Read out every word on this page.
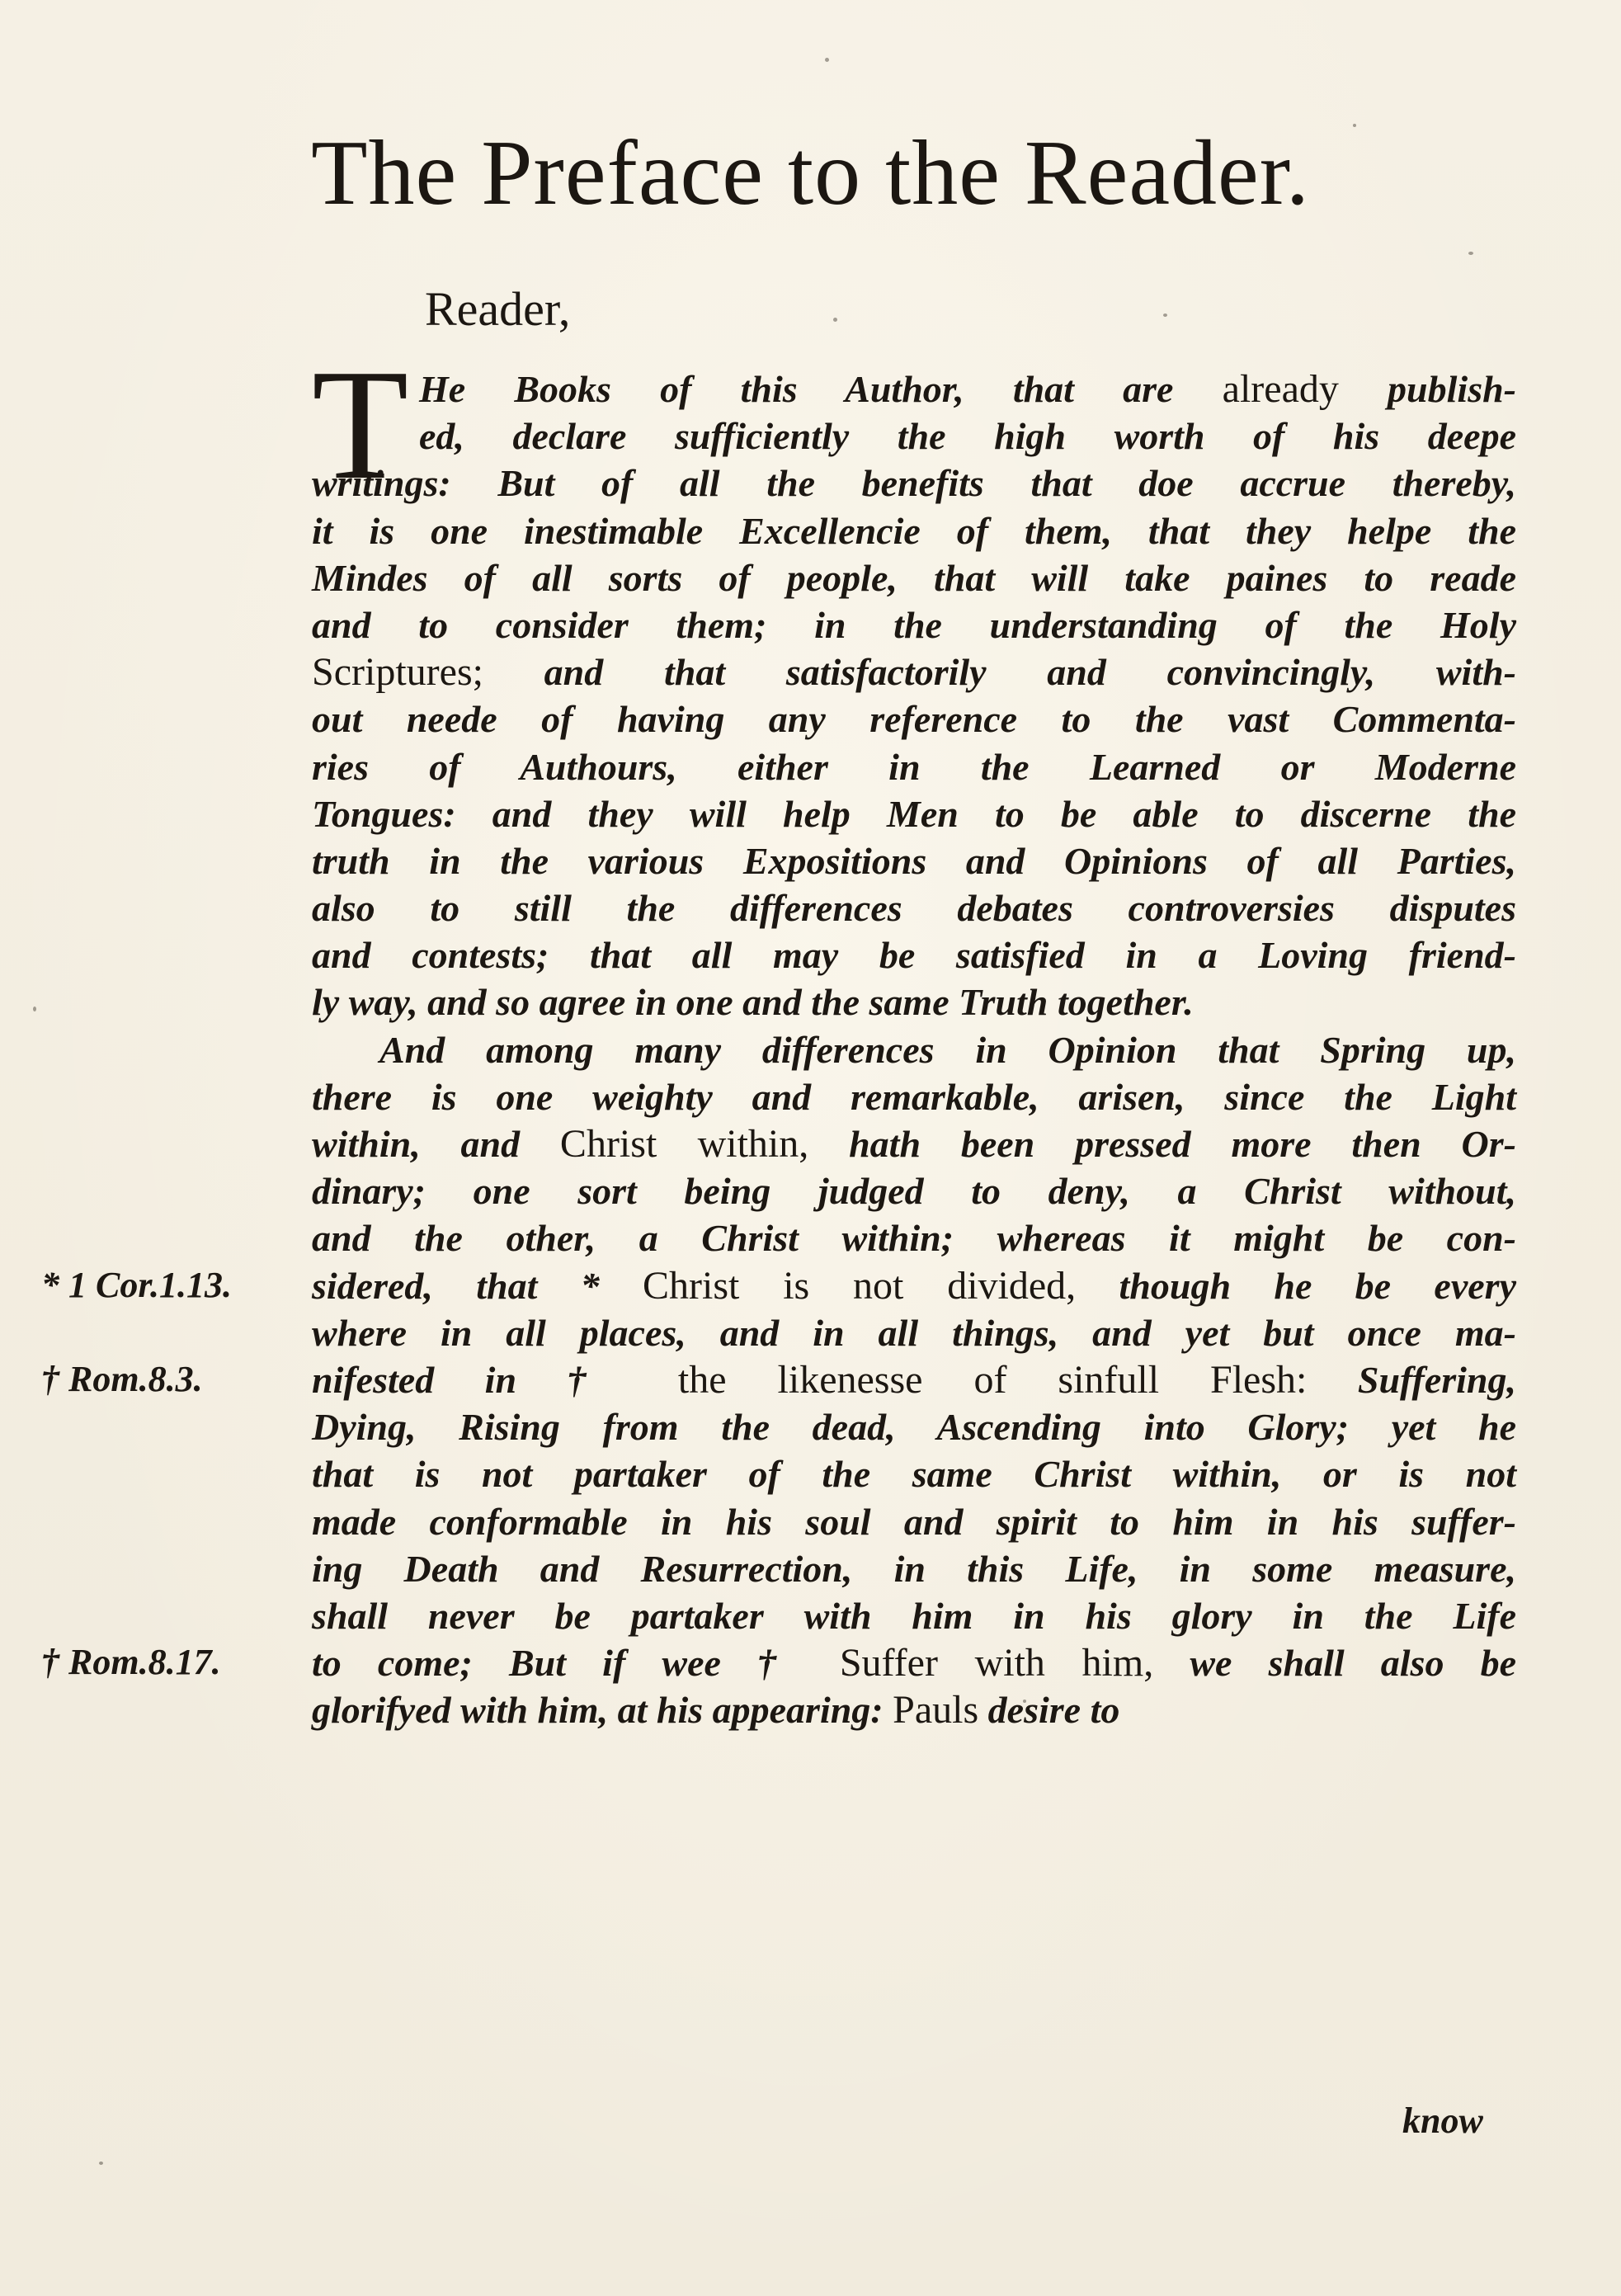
The Preface to the Reader.
Reader,
T He Books of this Author, that are already publish-
ed, declare sufficiently the high worth of his deepe
writings: But of all the benefits that doe accrue thereby,
it is one inestimable Excellencie of them, that they helpe the
Mindes of all sorts of people, that will take paines to reade
and to consider them; in the understanding of the Holy
Scriptures; and that satisfactorily and convincingly, with-
out neede of having any reference to the vast Commenta-
ries of Authours, either in the Learned or Moderne
Tongues: and they will help Men to be able to discerne the
truth in the various Expositions and Opinions of all Parties,
also to still the differences debates controversies disputes
and contests; that all may be satisfied in a Loving friend-
ly way, and so agree in one and the same Truth together.
And among many differences in Opinion that Spring up,
there is one weighty and remarkable, arisen, since the Light
within, and Christ within, hath been pressed more then Or-
dinary; one sort being judged to deny, a Christ without,
and the other, a Christ within; whereas it might be con-
sidered, that * Christ is not divided, though he be every
where in all places, and in all things, and yet but once ma-
nifested in † the likenesse of sinfull Flesh: Suffering,
Dying, Rising from the dead, Ascending into Glory; yet he
that is not partaker of the same Christ within, or is not
made conformable in his soul and spirit to him in his suffer-
ing Death and Resurrection, in this Life, in some measure,
shall never be partaker with him in his glory in the Life
to come; But if wee † Suffer with him, we shall also be
glorifyed with him, at his appearing: Pauls desire to
* 1 Cor.1.13.
† Rom.8.3.
† Rom.8.17.
know
